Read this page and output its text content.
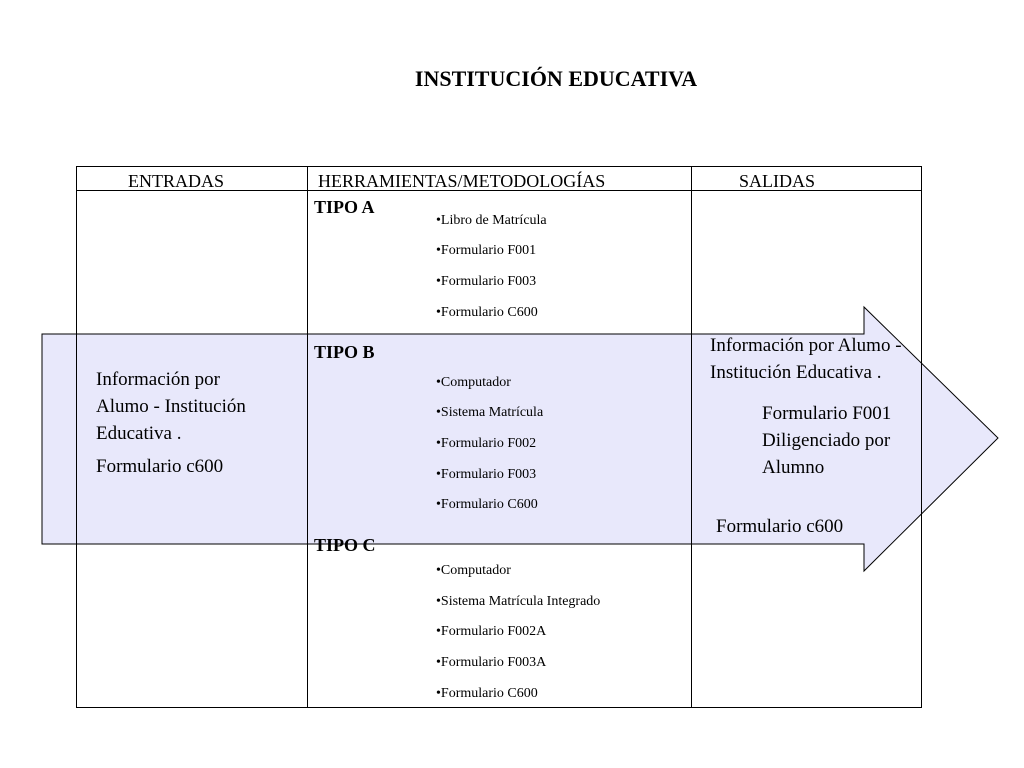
INSTITUCIÓN EDUCATIVA
ENTRADAS	HERRAMIENTAS/METODOLOGÍAS	SALIDAS
TIPO A
•Libro de Matrícula
•Formulario F001
•Formulario F003
•Formulario C600
TIPO B
•Computador
•Sistema Matrícula
•Formulario F002
•Formulario F003
•Formulario C600
TIPO C
•Computador
•Sistema Matrícula Integrado
•Formulario F002A
•Formulario F003A
•Formulario C600
Información por
Alumo - Institución
Educativa .
Formulario c600
Información por Alumo -
Institución Educativa .
Formulario F001
Diligenciado por
Alumno
Formulario c600
